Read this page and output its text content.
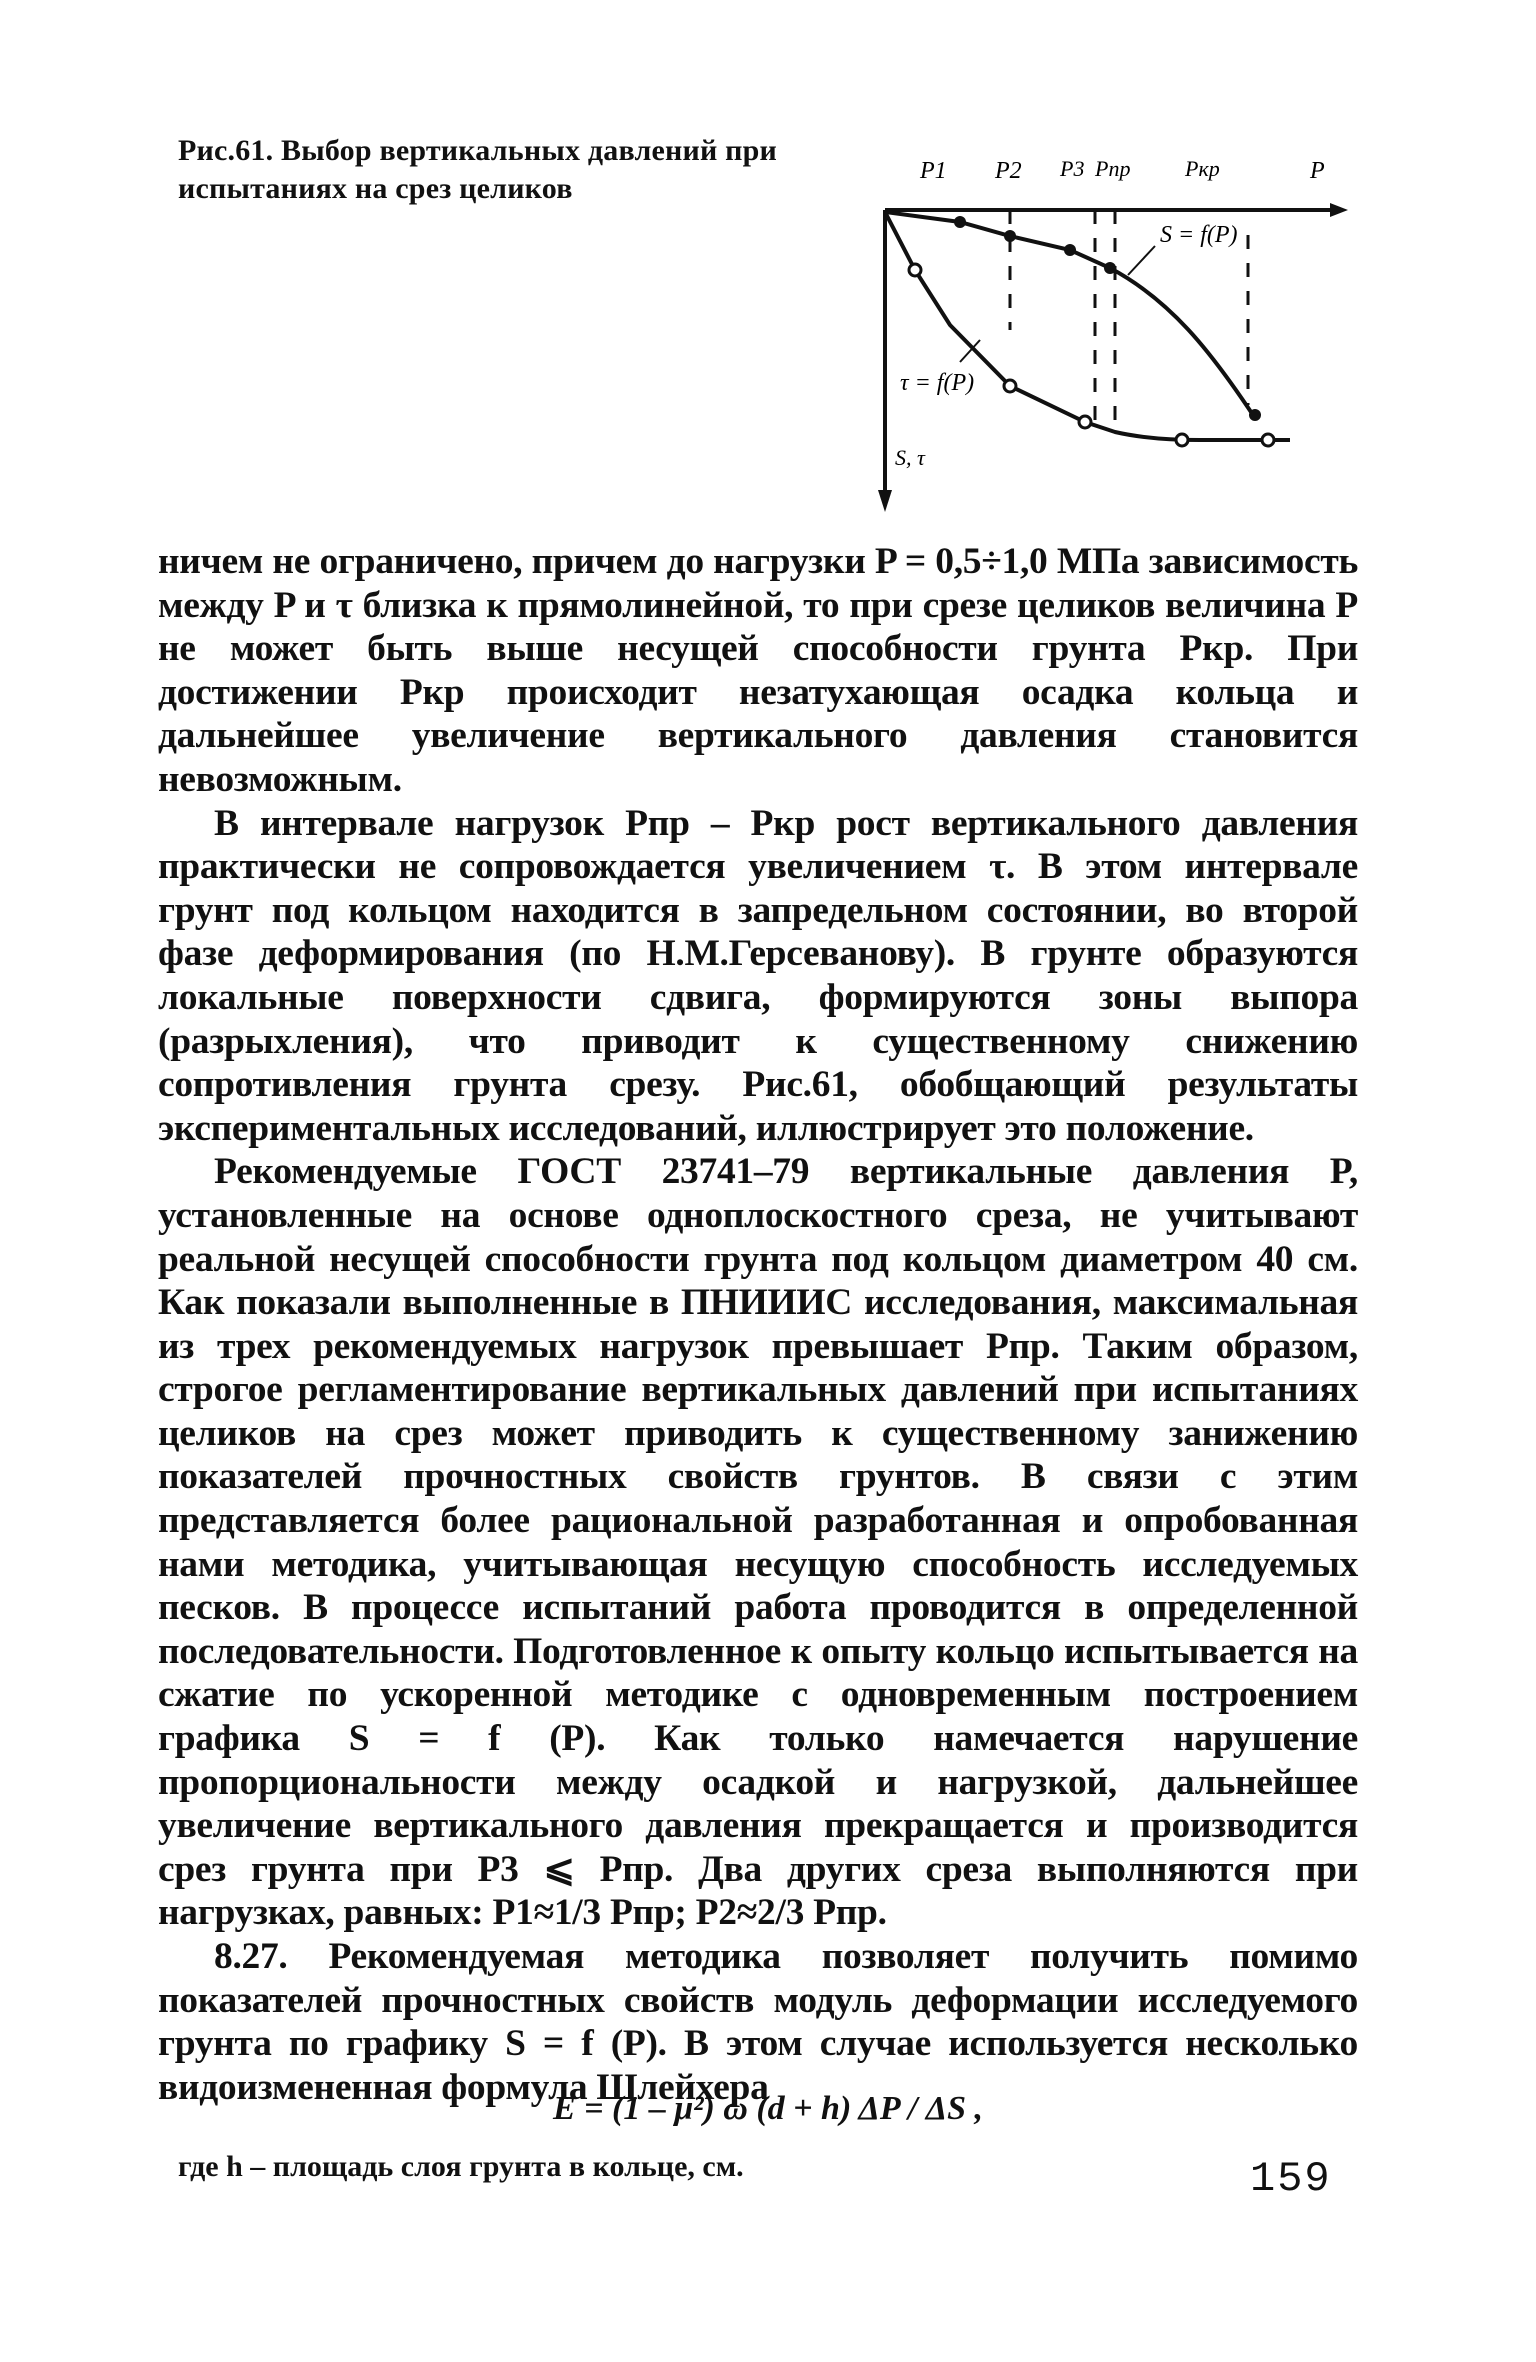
Рис.61. Выбор вертикальных давлений при испытаниях на срез целиков
P1 P2 P3 Pпр Pкр	P
S = f(P)
τ = f(P)
S, τ

ничем не ограничено, причем до нагрузки P = 0,5÷1,0 МПа зависимость между P и τ близка к прямолинейной, то при срезе целиков величина P не может быть выше несущей способности грунта Pкр. При достижении Pкр происходит незатухающая осадка кольца и дальнейшее увеличение вертикального давления становится невозможным.

В интервале нагрузок Pпр – Pкр рост вертикального давления практически не сопровождается увеличением τ. В этом интервале грунт под кольцом находится в запредельном состоянии, во второй фазе деформирования (по Н.М.Герсеванову). В грунте образуются локальные поверхности сдвига, формируются зоны выпора (разрыхления), что приводит к существенному снижению сопротивления грунта срезу. Рис.61, обобщающий результаты экспериментальных исследований, иллюстрирует это положение.

Рекомендуемые ГОСТ 23741–79 вертикальные давления P, установленные на основе одноплоскостного среза, не учитывают реальной несущей способности грунта под кольцом диаметром 40 см. Как показали выполненные в ПНИИИС исследования, максимальная из трех рекомендуемых нагрузок превышает Pпр. Таким образом, строгое регламентирование вертикальных давлений при испытаниях целиков на срез может приводить к существенному занижению показателей прочностных свойств грунтов. В связи с этим представляется более рациональной разработанная и опробованная нами методика, учитывающая несущую способность исследуемых песков. В процессе испытаний работа проводится в определенной последовательности. Подготовленное к опыту кольцо испытывается на сжатие по ускоренной методике с одновременным построением графика S = f (P). Как только намечается нарушение пропорциональности между осадкой и нагрузкой, дальнейшее увеличение вертикального давления прекращается и производится срез грунта при P3 ⩽ Pпр. Два других среза выполняются при нагрузках, равных: P1≈1/3 Pпр; P2≈2/3 Pпр.

8.27. Рекомендуемая методика позволяет получить помимо показателей прочностных свойств модуль деформации исследуемого грунта по графику S = f (P). В этом случае используется несколько видоизмененная формула Шлейхера

E = (1 – μ²) ω (d + h) ΔP / ΔS ,
где h – площадь слоя грунта в кольце, см.	159
